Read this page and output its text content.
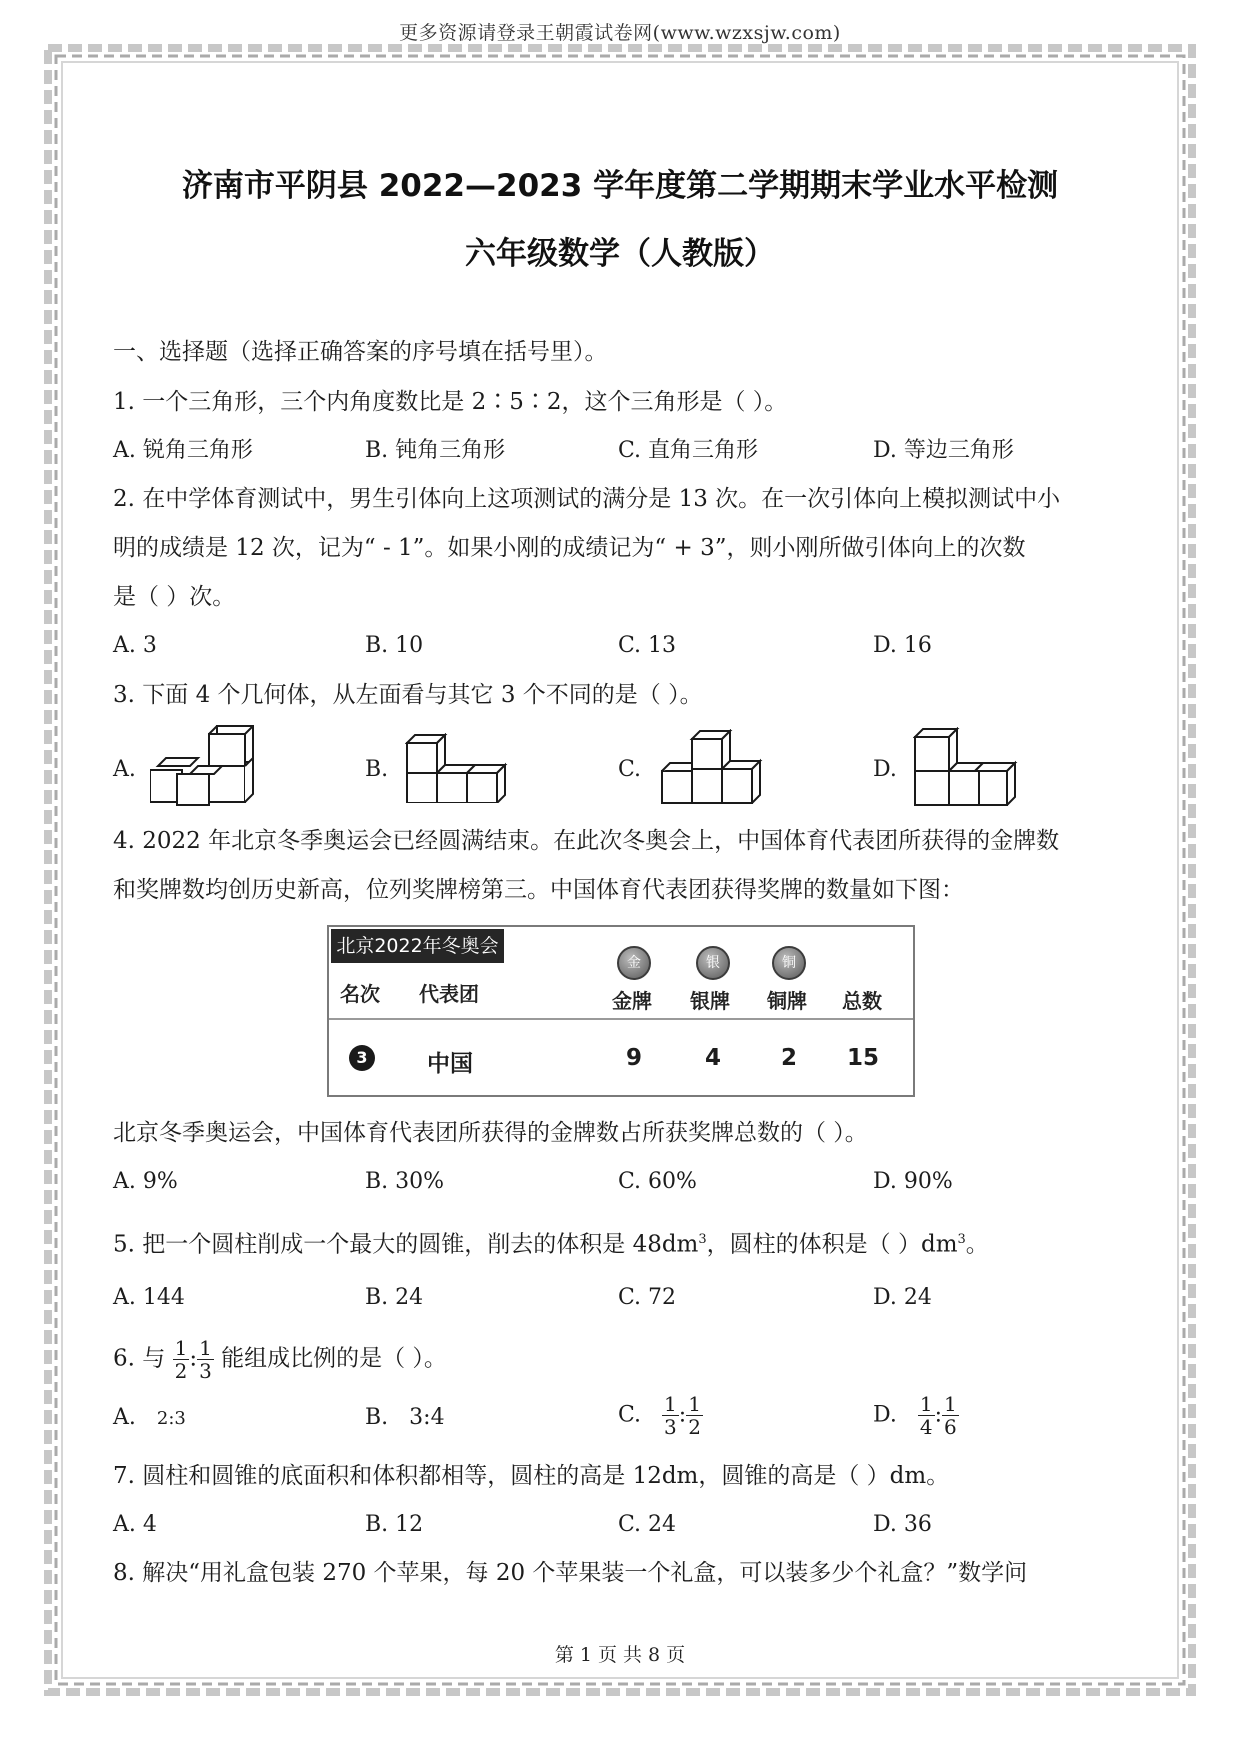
更多资源请登录王朝霞试卷网(www.wzxsjw.com)
济南市平阴县 2022—2023 学年度第二学期期末学业水平检测
六年级数学（人教版）
一、选择题（选择正确答案的序号填在括号里）。
1. 一个三角形，三个内角度数比是 2∶5∶2，这个三角形是（ ）。
A. 锐角三角形	B. 钝角三角形	C. 直角三角形	D. 等边三角形
2. 在中学体育测试中，男生引体向上这项测试的满分是 13 次。在一次引体向上模拟测试中小
明的成绩是 12 次，记为“ - 1”。如果小刚的成绩记为“ + 3”，则小刚所做引体向上的次数
是（ ）次。
A. 3	B. 10	C. 13	D. 16
3. 下面 4 个几何体，从左面看与其它 3 个不同的是（ ）。
A.	B.	C.	D.
4. 2022 年北京冬季奥运会已经圆满结束。在此次冬奥会上，中国体育代表团所获得的金牌数
和奖牌数均创历史新高，位列奖牌榜第三。中国体育代表团获得奖牌的数量如下图：
北京2022年冬奥会
金	银	铜
名次 代表团	金牌 银牌 铜牌 总数
3	中国	9	4	2 15
北京冬季奥运会，中国体育代表团所获得的金牌数占所获奖牌总数的（ ）。
A. 9%	B. 30%	C. 60%	D. 90%
5. 把一个圆柱削成一个最大的圆锥，削去的体积是 $48dm^3$，圆柱的体积是（ ）$dm^3$。
A. 144	B. 24	C. 72	D. 24
6. 与 $\frac{1}{2}$ : $\frac{1}{3}$ 能组成比例的是（ ）。
A. 2:3	B. 3:4	C. $\frac{1}{3}$ : $\frac{1}{2}$	D. $\frac{1}{4}$ : $\frac{1}{6}$
7. 圆柱和圆锥的底面积和体积都相等，圆柱的高是 12dm，圆锥的高是（ ）dm。
A. 4	B. 12	C. 24	D. 36
8. 解决“用礼盒包装 270 个苹果，每 20 个苹果装一个礼盒，可以装多少个礼盒？”数学问
第 1 页 共 8 页
